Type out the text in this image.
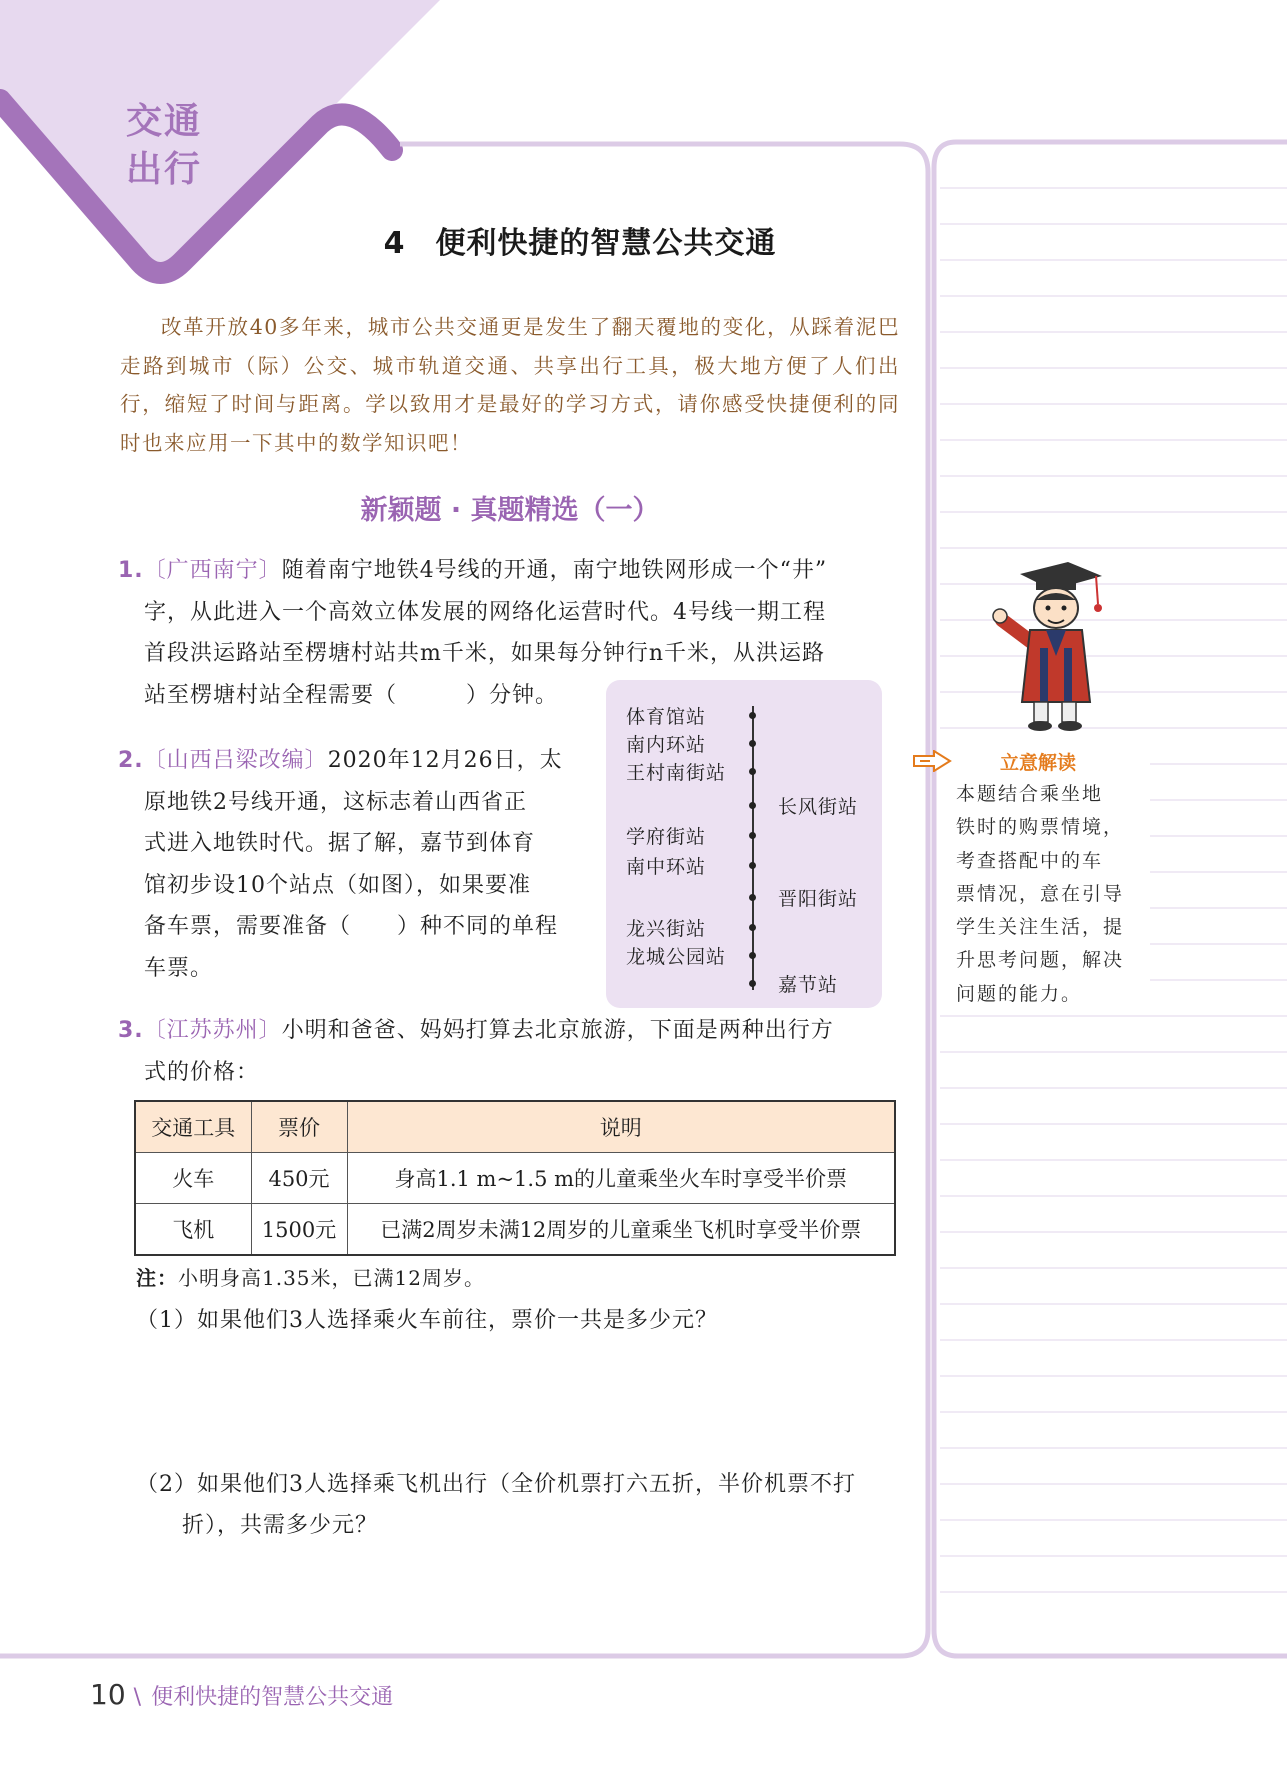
交通
出行
4 便利快捷的智慧公共交通

改革开放40多年来，城市公共交通更是发生了翻天覆地的变化，从踩着泥巴走路到城市（际）公交、城市轨道交通、共享出行工具，极大地方便了人们出行，缩短了时间与距离。学以致用才是最好的学习方式，请你感受快捷便利的同时也来应用一下其中的数学知识吧！

新颖题 · 真题精选（一）

1.〔广西南宁〕随着南宁地铁4号线的开通，南宁地铁网形成一个“井”

字，从此进入一个高效立体发展的网络化运营时代。4号线一期工程

首段洪运路站至楞塘村站共m千米，如果每分钟行n千米，从洪运路

站至楞塘村站全程需要（　　　）分钟。

2.〔山西吕梁改编〕2020年12月26日，太

原地铁2号线开通，这标志着山西省正

式进入地铁时代。据了解，嘉节到体育

馆初步设10个站点（如图），如果要准

备车票，需要准备（　　）种不同的单程

车票。

体育馆站
南内环站
王村南街站
长风街站
学府街站
南中环站
晋阳街站
龙兴街站
龙城公园站
嘉节站

3.〔江苏苏州〕小明和爸爸、妈妈打算去北京旅游，下面是两种出行方

式的价格：

交通工具	票价	说明
火车	450元	身高1.1 m~1.5 m的儿童乘坐火车时享受半价票
飞机	1500元	已满2周岁未满12周岁的儿童乘坐飞机时享受半价票
注：小明身高1.35米，已满12周岁。
（1）如果他们3人选择乘火车前往，票价一共是多少元？
（2）如果他们3人选择乘飞机出行（全价机票打六五折，半价机票不打
折），共需多少元？
立意解读
本题结合乘坐地
铁时的购票情境，
考查搭配中的车
票情况，意在引导
学生关注生活，提
升思考问题，解决
问题的能力。
10 \ 便利快捷的智慧公共交通
